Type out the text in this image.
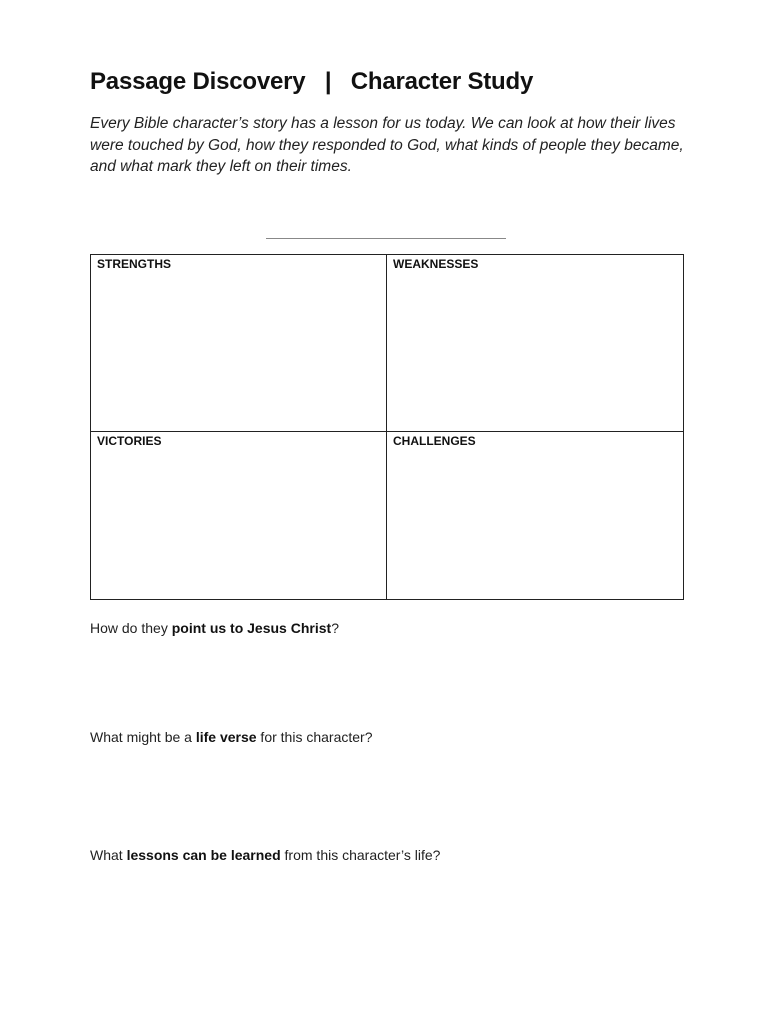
Passage Discovery   |   Character Study
Every Bible character’s story has a lesson for us today. We can look at how their lives were touched by God, how they responded to God, what kinds of people they became, and what mark they left on their times.
STRENGTHS	WEAKNESSES
VICTORIES	CHALLENGES
How do they point us to Jesus Christ?
What might be a life verse for this character?
What lessons can be learned from this character’s life?
